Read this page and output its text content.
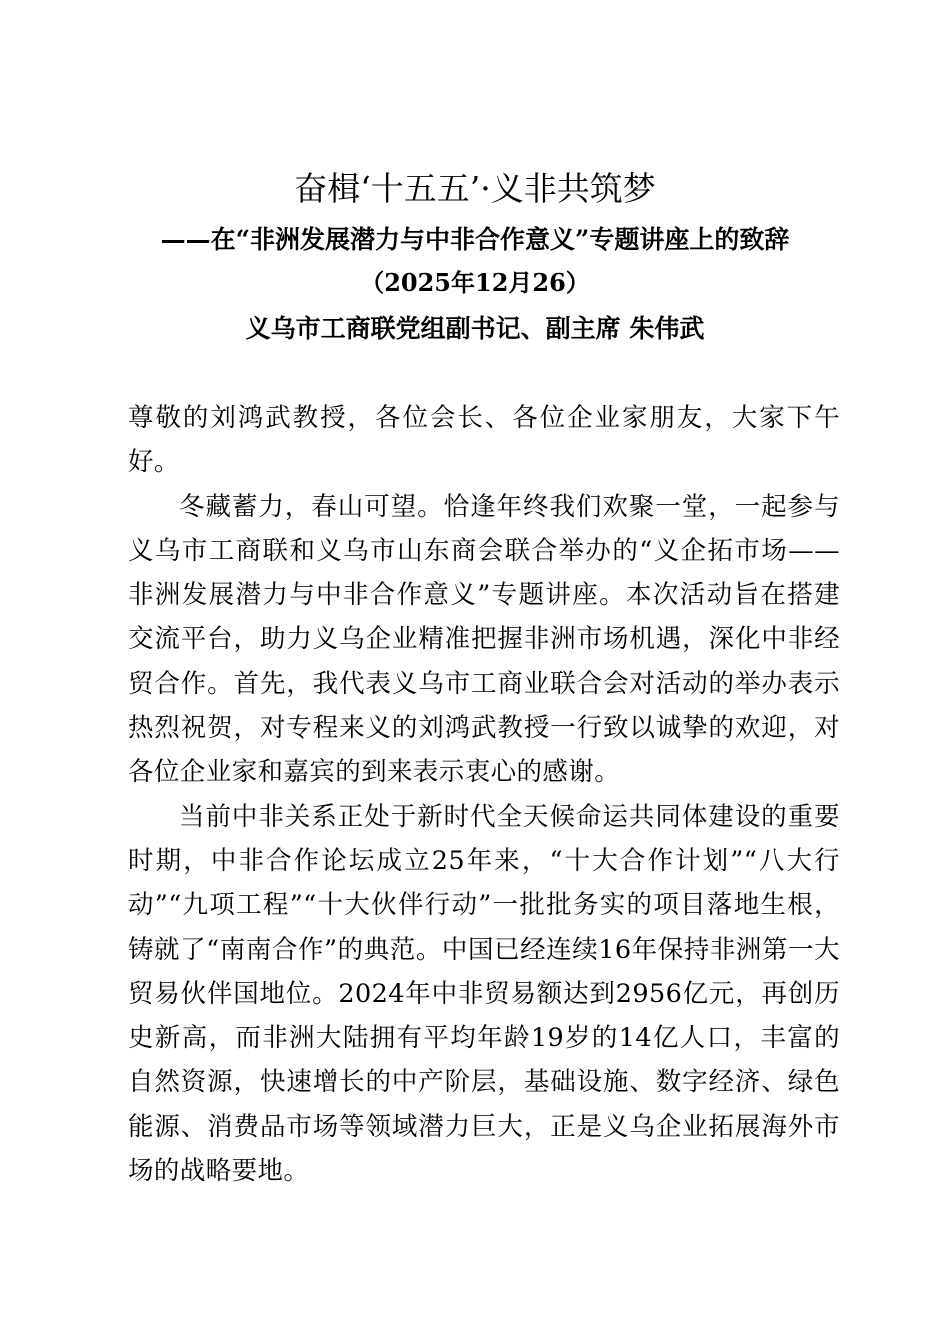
奋楫‘十五五’·义非共筑梦
——在“非洲发展潜力与中非合作意义”专题讲座上的致辞
（2025年12月26）
义乌市工商联党组副书记、副主席 朱伟武

尊敬的刘鸿武教授，各位会长、各位企业家朋友，大家下午好。

冬藏蓄力，春山可望。恰逢年终我们欢聚一堂，一起参与义乌市工商联和义乌市山东商会联合举办的“义企拓市场——非洲发展潜力与中非合作意义”专题讲座。本次活动旨在搭建交流平台，助力义乌企业精准把握非洲市场机遇，深化中非经贸合作。首先，我代表义乌市工商业联合会对活动的举办表示热烈祝贺，对专程来义的刘鸿武教授一行致以诚挚的欢迎，对各位企业家和嘉宾的到来表示衷心的感谢。

当前中非关系正处于新时代全天候命运共同体建设的重要时期，中非合作论坛成立25年来，“十大合作计划”“八大行动”“九项工程”“十大伙伴行动”一批批务实的项目落地生根，铸就了“南南合作”的典范。中国已经连续16年保持非洲第一大贸易伙伴国地位。2024年中非贸易额达到2956亿元，再创历史新高，而非洲大陆拥有平均年龄19岁的14亿人口，丰富的自然资源，快速增长的中产阶层，基础设施、数字经济、绿色能源、消费品市场等领域潜力巨大，正是义乌企业拓展海外市场的战略要地。
